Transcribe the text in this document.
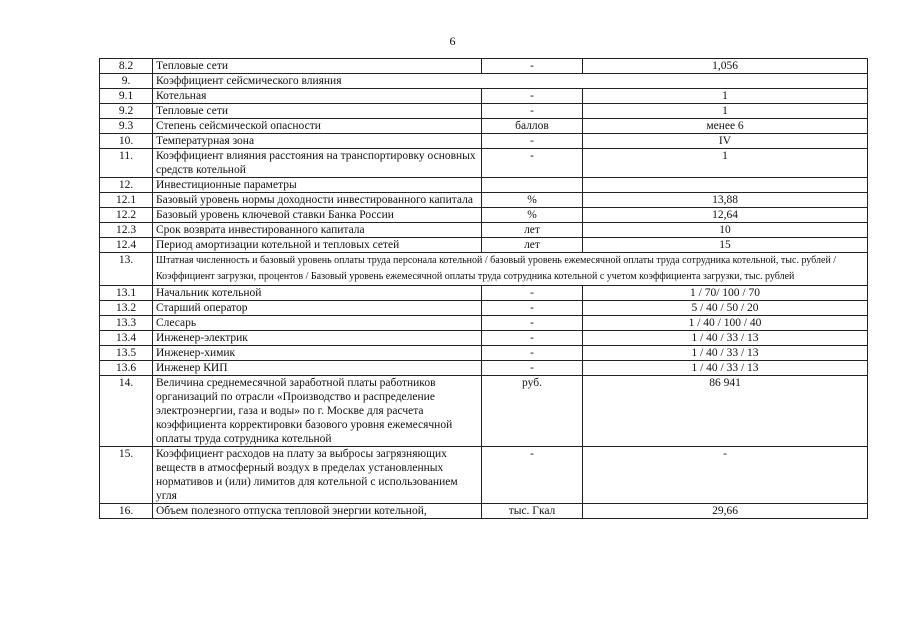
6
8.2	Тепловые сети	-	1,056
9.	Коэффициент сейсмического влияния		
9.1	Котельная	-	1
9.2	Тепловые сети	-	1
9.3	Степень сейсмической опасности	баллов	менее 6
10.	Температурная зона	-	IV
11.	Коэффициент влияния расстояния на транспортировку основных средств котельной	-	1
12.	Инвестиционные параметры		
12.1	Базовый уровень нормы доходности инвестированного капитала	%	13,88
12.2	Базовый уровень ключевой ставки Банка России	%	12,64
12.3	Срок возврата инвестированного капитала	лет	10
12.4	Период амортизации котельной и тепловых сетей	лет	15
13.	Штатная численность и базовый уровень оплаты труда персонала котельной / базовый уровень ежемесячной оплаты труда сотрудника котельной, тыс. рублей / Коэффициент загрузки, процентов / Базовый уровень ежемесячной оплаты труда сотрудника котельной с учетом коэффициента загрузки, тыс. рублей		
13.1	Начальник котельной	-	1 / 70/ 100 / 70
13.2	Старший оператор	-	5 / 40 / 50 / 20
13.3	Слесарь	-	1 / 40 / 100 / 40
13.4	Инженер-электрик	-	1 / 40 / 33 / 13
13.5	Инженер-химик	-	1 / 40 / 33 / 13
13.6	Инженер КИП	-	1 / 40 / 33 / 13
14.	Величина среднемесячной заработной платы работников организаций по отрасли «Производство и распределение электроэнергии, газа и воды» по г. Москве для расчета коэффициента корректировки базового уровня ежемесячной оплаты труда сотрудника котельной	руб.	86 941
15.	Коэффициент расходов на плату за выбросы загрязняющих веществ в атмосферный воздух в пределах установленных нормативов и (или) лимитов для котельной с использованием угля	-	-
16.	Объем полезного отпуска тепловой энергии котельной,	тыс. Гкал	29,66
